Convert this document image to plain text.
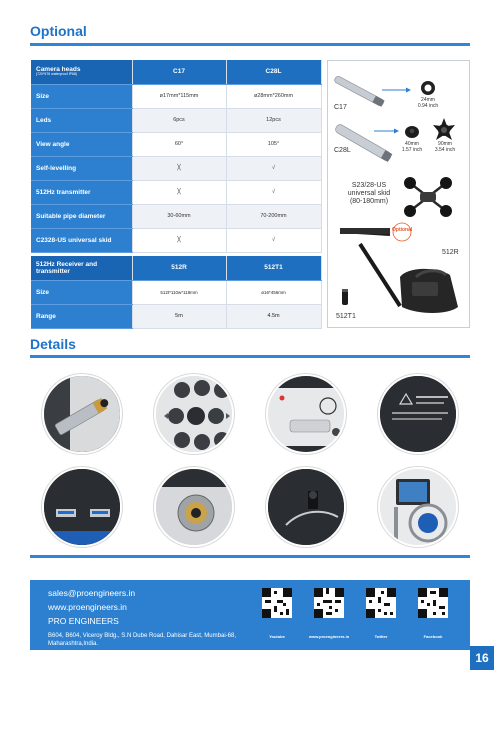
Optional
Camera heads
(720*576 waterproof IP68)	C17	C28L
Size	ø17mm*115mm	ø28mm*260mm
Leds	6pcs	12pcs
View angle	60°	105°
Self-levelling	╳	√
512Hz transmitter	╳	√
Suitable pipe diameter	30-60mm	70-200mm
C2328-US universal skid	╳	√
512Hz Receiver and transmitter	512R	512T1
Size	512t*110w*118mm	ø16*456mm
Range	5m	4.5m
C17
24mm
0.94 inch
C28L
40mm
1.57 inch
90mm
3.54 inch
S23/28-US
universal skid
(80-180mm)
Optional
512R
512T1
Details
sales@proengineers.in
www.proengineers.in
PRO ENGINEERS
B604, B604, Viceroy Bldg., S.N Dube Road, Dahisar East, Mumbai-68, Maharashtra,India.
Youtube	www.proengineers.in	Twitter	Facebook
16
